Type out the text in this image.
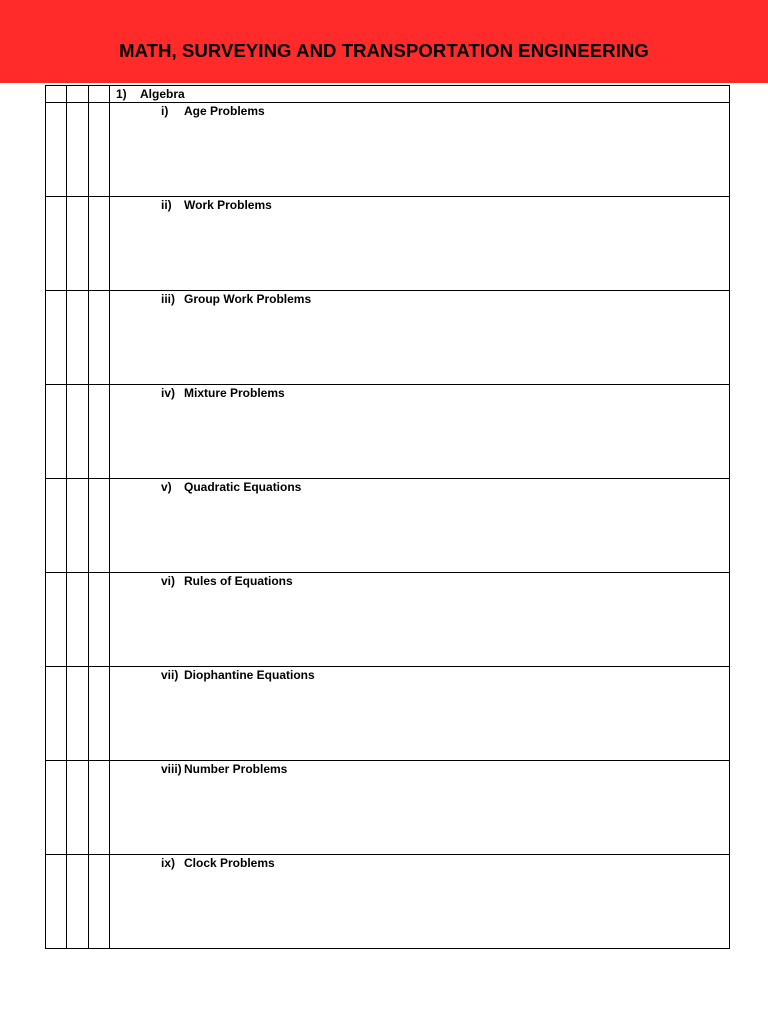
MATH, SURVEYING AND TRANSPORTATION ENGINEERING

			1) Algebra

			i) Age Problems

			ii) Work Problems

			iii) Group Work Problems

			iv) Mixture Problems

			v) Quadratic Equations

			vi) Rules of Equations

			vii) Diophantine Equations

			viii) Number Problems

			ix) Clock Problems
